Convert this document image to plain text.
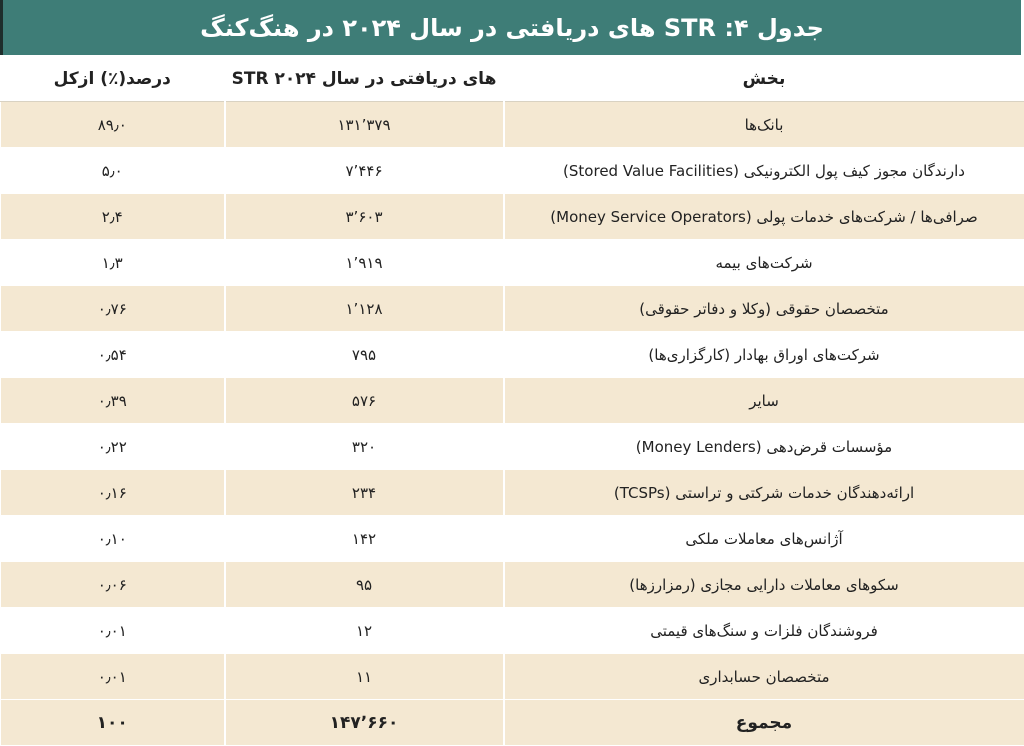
جدول ۴: STR های دریافتی در سال ۲۰۲۴ در هنگ‌کنگ
درصد(٪) ازکل	STR های دریافتی در سال ۲۰۲۴	بخش
۸۹٫۰	۱۳۱٬۳۷۹	بانک‌ها
۵٫۰	۷٬۴۴۶	دارندگان مجوز کیف پول الکترونیکی (Stored Value Facilities)
۲٫۴	۳٬۶۰۳	صرافی‌ها / شرکت‌های خدمات پولی (Money Service Operators)
۱٫۳	۱٬۹۱۹	شرکت‌های بیمه
۰٫۷۶	۱٬۱۲۸	متخصصان حقوقی (وکلا و دفاتر حقوقی)
۰٫۵۴	۷۹۵	شرکت‌های اوراق بهادار (کارگزاری‌ها)
۰٫۳۹	۵۷۶	سایر
۰٫۲۲	۳۲۰	مؤسسات قرض‌دهی (Money Lenders)
۰٫۱۶	۲۳۴	ارائه‌دهندگان خدمات شرکتی و تراستی (TCSPs)
۰٫۱۰	۱۴۲	آژانس‌های معاملات ملکی
۰٫۰۶	۹۵	سکوهای معاملات دارایی مجازی (رمزارزها)
۰٫۰۱	۱۲	فروشندگان فلزات و سنگ‌های قیمتی
۰٫۰۱	۱۱	متخصصان حسابداری
۱۰۰	۱۴۷٬۶۶۰	مجموع
